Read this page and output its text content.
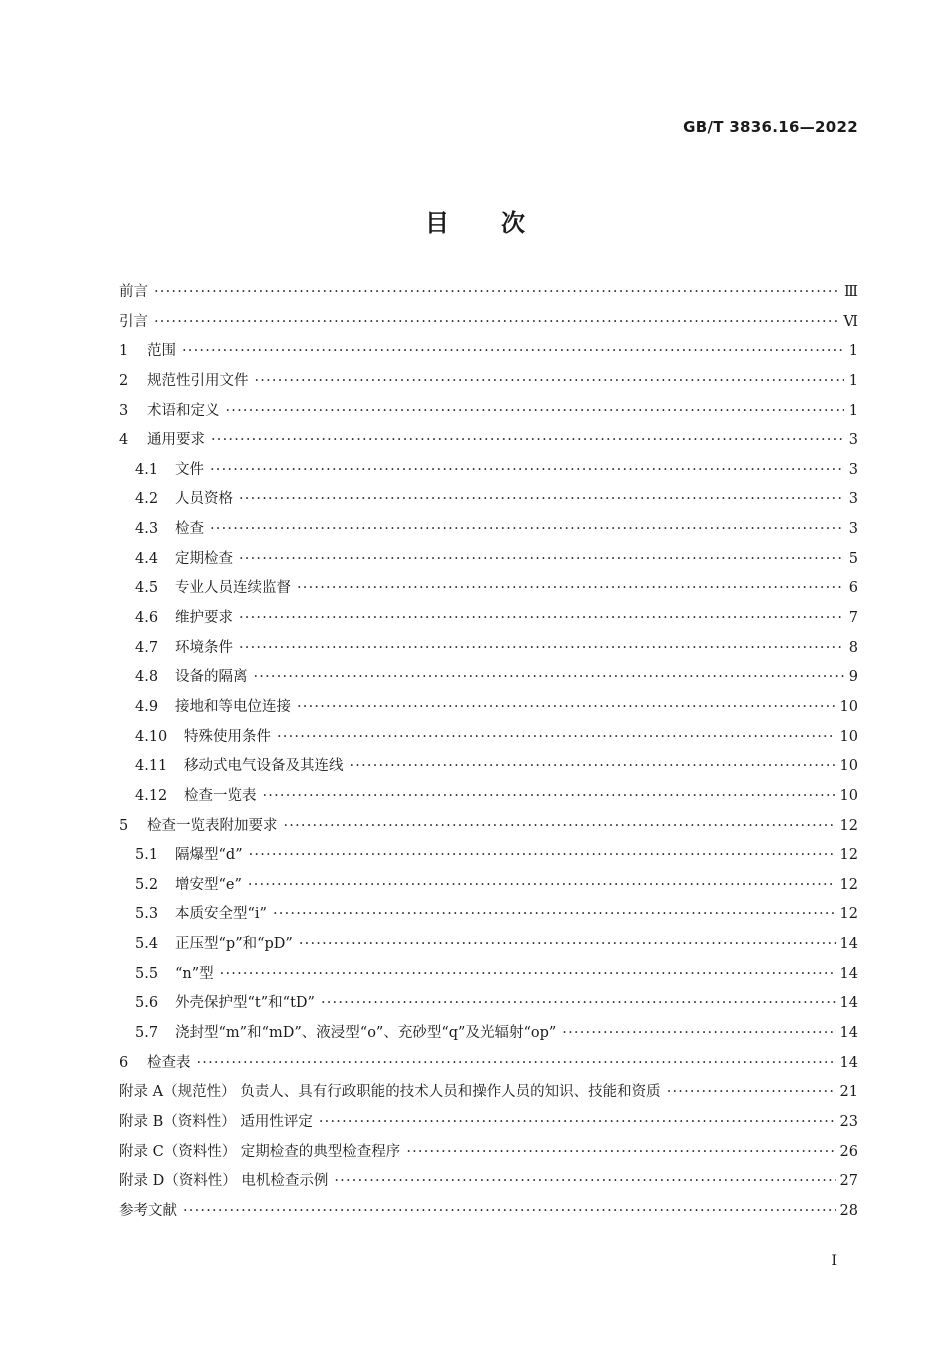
GB/T 3836.16—2022
目 次
前言 ·····	Ⅲ
引言 ·····	Ⅵ
1	范围 ·····	1
2	规范性引用文件 ·····	1
3	术语和定义 ·····	1
4	通用要求 ·····	3
4.1	文件 ·····	3
4.2	人员资格 ·····	3
4.3	检查 ·····	3
4.4	定期检查 ·····	5
4.5	专业人员连续监督 ·····	6
4.6	维护要求 ·····	7
4.7	环境条件 ·····	8
4.8	设备的隔离 ·····	9
4.9	接地和等电位连接 ·····	10
4.10	特殊使用条件 ·····	10
4.11	移动式电气设备及其连线 ·····	10
4.12	检查一览表 ·····	10
5	检查一览表附加要求 ·····	12
5.1	隔爆型“d” ·····	12
5.2	增安型“e” ·····	12
5.3	本质安全型“i” ·····	12
5.4	正压型“p”和“pD” ·····	14
5.5	“n”型 ·····	14
5.6	外壳保护型“t”和“tD” ·····	14
5.7	浇封型“m”和“mD”、液浸型“o”、充砂型“q”及光辐射“op” ·····	14
6	检查表 ·····	14
附录 A（规范性） 负责人、具有行政职能的技术人员和操作人员的知识、技能和资质 ·····	21
附录 B（资料性） 适用性评定 ·····	23
附录 C（资料性） 定期检查的典型检查程序 ·····	26
附录 D（资料性） 电机检查示例 ·····	27
参考文献 ·····	28
I
